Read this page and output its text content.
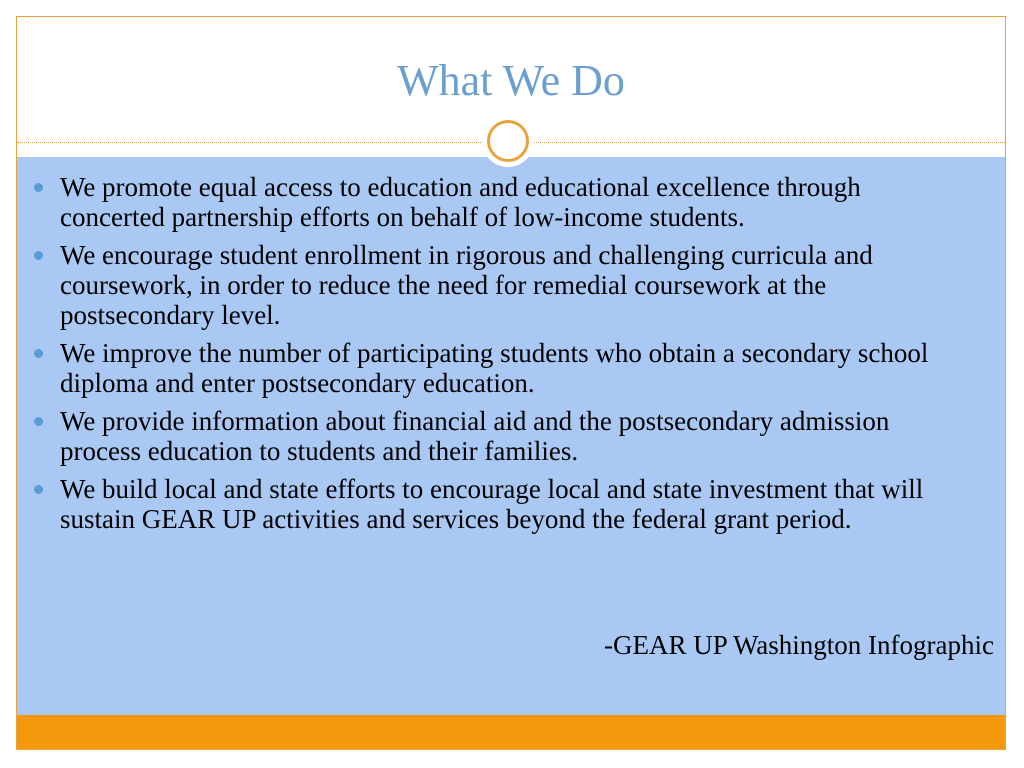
What We Do
We promote equal access to education and educational excellence through concerted partnership efforts on behalf of low-income students.
We encourage student enrollment in rigorous and challenging curricula and coursework, in order to reduce the need for remedial coursework at the postsecondary level.
We improve the number of participating students who obtain a secondary school diploma and enter postsecondary education.
We provide information about financial aid and the postsecondary admission process education to students and their families.
We build local and state efforts to encourage local and state investment that will sustain GEAR UP activities and services beyond the federal grant period.
-GEAR UP Washington Infographic
